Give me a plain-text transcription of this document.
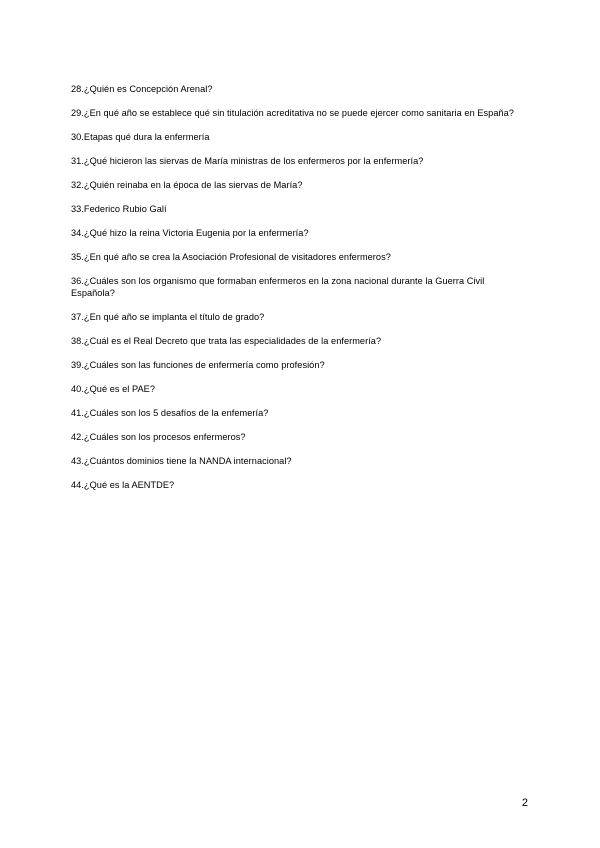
28.¿Quién es Concepción Arenal?
29.¿En qué año se establece qué sin titulación acreditativa no se puede ejercer como sanitaria en España?
30.Etapas qué dura la enfermería
31.¿Qué hicieron las siervas de María ministras de los enfermeros por la enfermería?
32.¿Quién reinaba en la época de las siervas de María?
33.Federico Rubio Galí
34.¿Qué hizo la reina Victoria Eugenia por la enfermería?
35.¿En qué año se crea la Asociación Profesional de visitadores enfermeros?
36.¿Cuáles son los organismo que formaban enfermeros en la zona nacional durante la Guerra Civil Española?
37.¿En qué año se implanta el título de grado?
38.¿Cuál es el Real Decreto que trata las especialidades de la enfermería?
39.¿Cuáles son las funciones de enfermería como profesión?
40.¿Qué es el PAE?
41.¿Cuáles son los 5 desafíos de la enfemería?
42.¿Cuáles son los procesos enfermeros?
43.¿Cuántos dominios tiene la NANDA internacional?
44.¿Qué es la AENTDE?
2
